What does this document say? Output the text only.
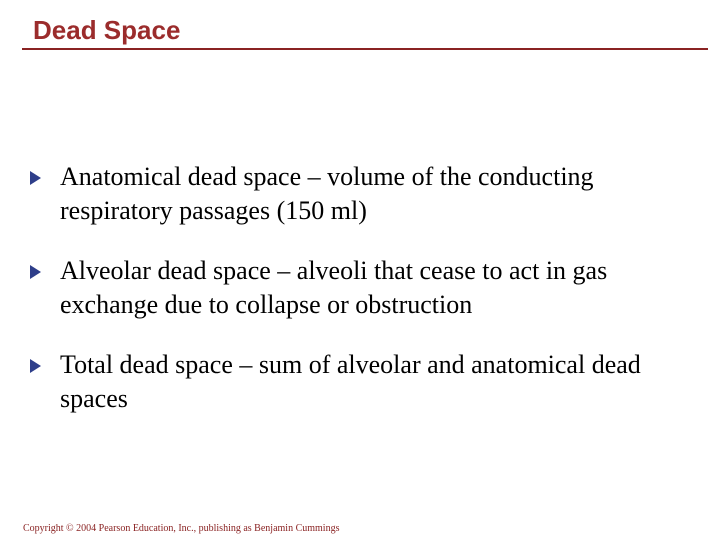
Dead Space
Anatomical dead space – volume of the conducting respiratory passages (150 ml)
Alveolar dead space – alveoli that cease to act in gas exchange due to collapse or obstruction
Total dead space – sum of alveolar and anatomical dead spaces
Copyright © 2004 Pearson Education, Inc., publishing as Benjamin Cummings
